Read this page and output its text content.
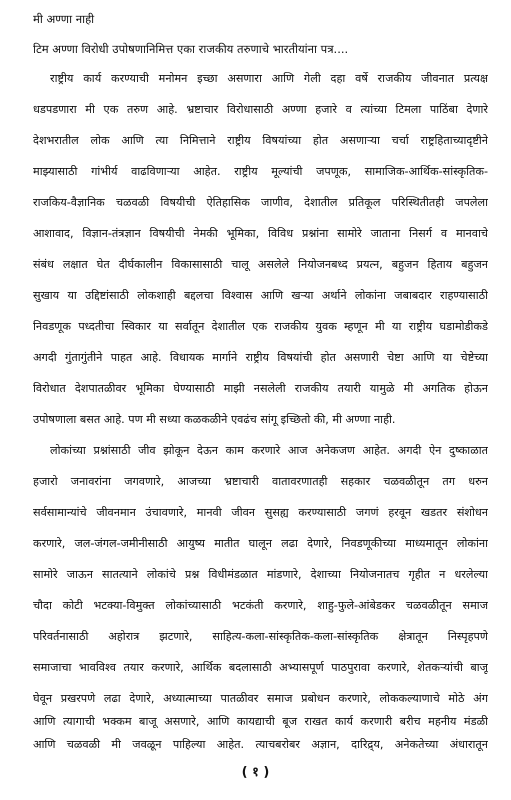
मी अण्णा नाही
टिम अण्णा विरोधी उपोषणानिमित्त एका राजकीय तरुणाचे भारतीयांना पत्र....
राष्ट्रीय कार्य करण्याची मनोमन इच्छा असणारा आणि गेली दहा वर्षे राजकीय जीवनात प्रत्यक्ष
धडपडणारा मी एक तरुण आहे. भ्रष्टाचार विरोधासाठी अण्णा हजारे व त्यांच्या टिमला पाठिंबा देणारे
देशभरातील लोक आणि त्या निमित्ताने राष्ट्रीय विषयांच्या होत असणाऱ्या चर्चा राष्ट्रहिताच्यादृष्टीने
माझ्यासाठी गांभीर्य वाढविणाऱ्या आहेत. राष्ट्रीय मूल्यांची जपणूक, सामाजिक-आर्थिक-सांस्कृतिक-
राजकिय-वैज्ञानिक चळवळी विषयीची ऐतिहासिक जाणीव, देशातील प्रतिकूल परिस्थितीतही जपलेला
आशावाद, विज्ञान-तंत्रज्ञान विषयीची नेमकी भूमिका, विविध प्रश्नांना सामोरे जाताना निसर्ग व मानवाचे
संबंध लक्षात घेत दीर्घकालीन विकासासाठी चालू असलेले नियोजनबध्द प्रयत्न, बहुजन हिताय बहुजन
सुखाय या उद्दिष्टांसाठी लोकशाही बद्दलचा विश्वास आणि खऱ्या अर्थाने लोकांना जबाबदार राहण्यासाठी
निवडणूक पध्दतीचा स्विकार या सर्वातून देशातील एक राजकीय युवक म्हणून मी या राष्ट्रीय घडामोडीकडे
अगदी गुंतागुंतीने पाहत आहे. विधायक मार्गाने राष्ट्रीय विषयांची होत असणारी चेष्टा आणि या चेष्टेच्या
विरोधात देशपातळीवर भूमिका घेण्यासाठी माझी नसलेली राजकीय तयारी यामुळे मी अगतिक होऊन
उपोषणाला बसत आहे. पण मी सध्या कळकळीने एवढंच सांगू इच्छितो की, मी अण्णा नाही.
लोकांच्या प्रश्नांसाठी जीव झोकून देऊन काम करणारे आज अनेकजण आहेत. अगदी ऐन दुष्काळात
हजारो जनावरांना जगवणारे, आजच्या भ्रष्टाचारी वातावरणातही सहकार चळवळीतून तग धरुन
सर्वसामान्यांचे जीवनमान उंचावणारे, मानवी जीवन सुसह्य करण्यासाठी जगणं हरवून खडतर संशोधन
करणारे, जल-जंगल-जमीनीसाठी आयुष्य मातीत घालून लढा देणारे, निवडणूकीच्या माध्यमातून लोकांना
सामोरे जाऊन सातत्याने लोकांचे प्रश्न विधीमंडळात मांडणारे, देशाच्या नियोजनातच गृहीत न धरलेल्या
चौदा कोटी भटक्या-विमुक्त लोकांच्यासाठी भटकंती करणारे, शाहु-फुले-आंबेडकर चळवळीतून समाज
परिवर्तनासाठी अहोरात्र झटणारे, साहित्य-कला-सांस्कृतिक-कला-सांस्कृतिक क्षेत्रातून निस्पृहपणे
समाजाचा भावविश्व तयार करणारे, आर्थिक बदलासाठी अभ्यासपूर्ण पाठपुरावा करणारे, शेतकऱ्यांची बाजू
घेवून प्रखरपणे लढा देणारे, अध्यात्माच्या पातळीवर समाज प्रबोधन करणारे, लोककल्याणाचे मोठे अंग
आणि त्यागाची भक्कम बाजू असणारे, आणि कायद्याची बूज राखत कार्य करणारी बरीच महनीय मंडळी
आणि चळवळी मी जवळून पाहिल्या आहेत. त्याचबरोबर अज्ञान, दारिद्र्य, अनेकतेच्या अंधारातून
( १ )
